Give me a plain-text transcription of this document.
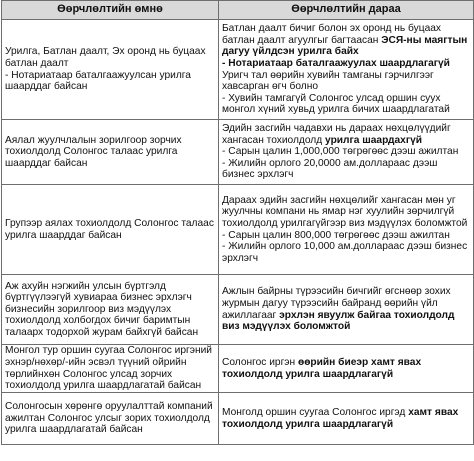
Өөрчлөлтийн өмнө	Өөрчлөлтийн дараа

Урилга, Батлан даалт, Эх оронд нь буцаах батлан даалт
- Нотариатаар баталгаажуулсан урилга шаарддаг байсан	Батлан даалт бичиг болон эх оронд нь буцаах батлан даалт агуулгыг багтаасан ЭСЯ-ны маягтын дагуу үйлдсэн урилга байх
- Нотариатаар баталгаажуулах шаардлагагүй
Уригч тал өөрийн хувийн тамганы гэрчилгээг хавсарган өгч болно
- Хувийн тамгагүй Солонгос улсад оршин суух монгол хүний хувьд урилга бичих шаардлагатай

Аялал жуулчлалын зорилгоор зорчих тохиолдолд Солонгос талаас урилга шаарддаг байсан	Эдийн засгийн чадавхи нь дараах нөхцөлүүдийг хангасан тохиолдолд урилга шаардахгүй
- Сарын цалин 1,000,000 төгрөгөөс дээш ажилтан
- Жилийн орлого 20,0000 ам.доллараас дээш бизнес эрхлэгч

Групээр аялах тохиолдолд Солонгос талаас урилга шаарддаг байсан	Дараах эдийн засгийн нөхцөлийг хангасан мөн уг жуулчны компани нь ямар нэг хуулийн зөрчилгүй тохиолдолд урилгагүйгээр виз мэдүүлэх боломжтой
- Сарын цалин 800,000 төгрөгөөс дээш ажилтан
- Жилийн орлого 10,000 ам.доллараас дээш бизнес эрхлэгч

Аж ахуйн нэгжийн улсын бүртгэлд бүртгүүлээгүй хувиараа бизнес эрхлэгч бизнесийн зорилгоор виз мэдүүлэх тохиолдолд холбогдох бичиг баримтын талаарх тодорхой журам байхгүй байсан	Ажлын байрны түрээсийн бичгийг өгснөөр зохих журмын дагуу түрээсийн байранд өөрийн үйл ажиллагааг эрхлэн явуулж байгаа тохиолдолд виз мэдүүлэх боломжтой

Монгол тур оршин суугаа Солонгос иргэний эхнэр/нөхөр/-ийн эсвэл түүний ойрийн төрлийнхөн Солонгос улсад зорчих тохиолдолд урилга шаардлагатай байсан	Солонгос иргэн өөрийн биеэр хамт явах тохиолдолд урилга шаардлагагүй

Солонгосын хөрөнгө оруулалттай компаний ажилтан Солонгос улсыг зорих тохиолдолд урилга шаардлагатай байсан	Монголд оршин суугаа Солонгос иргэд хамт явах тохиолдолд урилга шаардлагагүй
